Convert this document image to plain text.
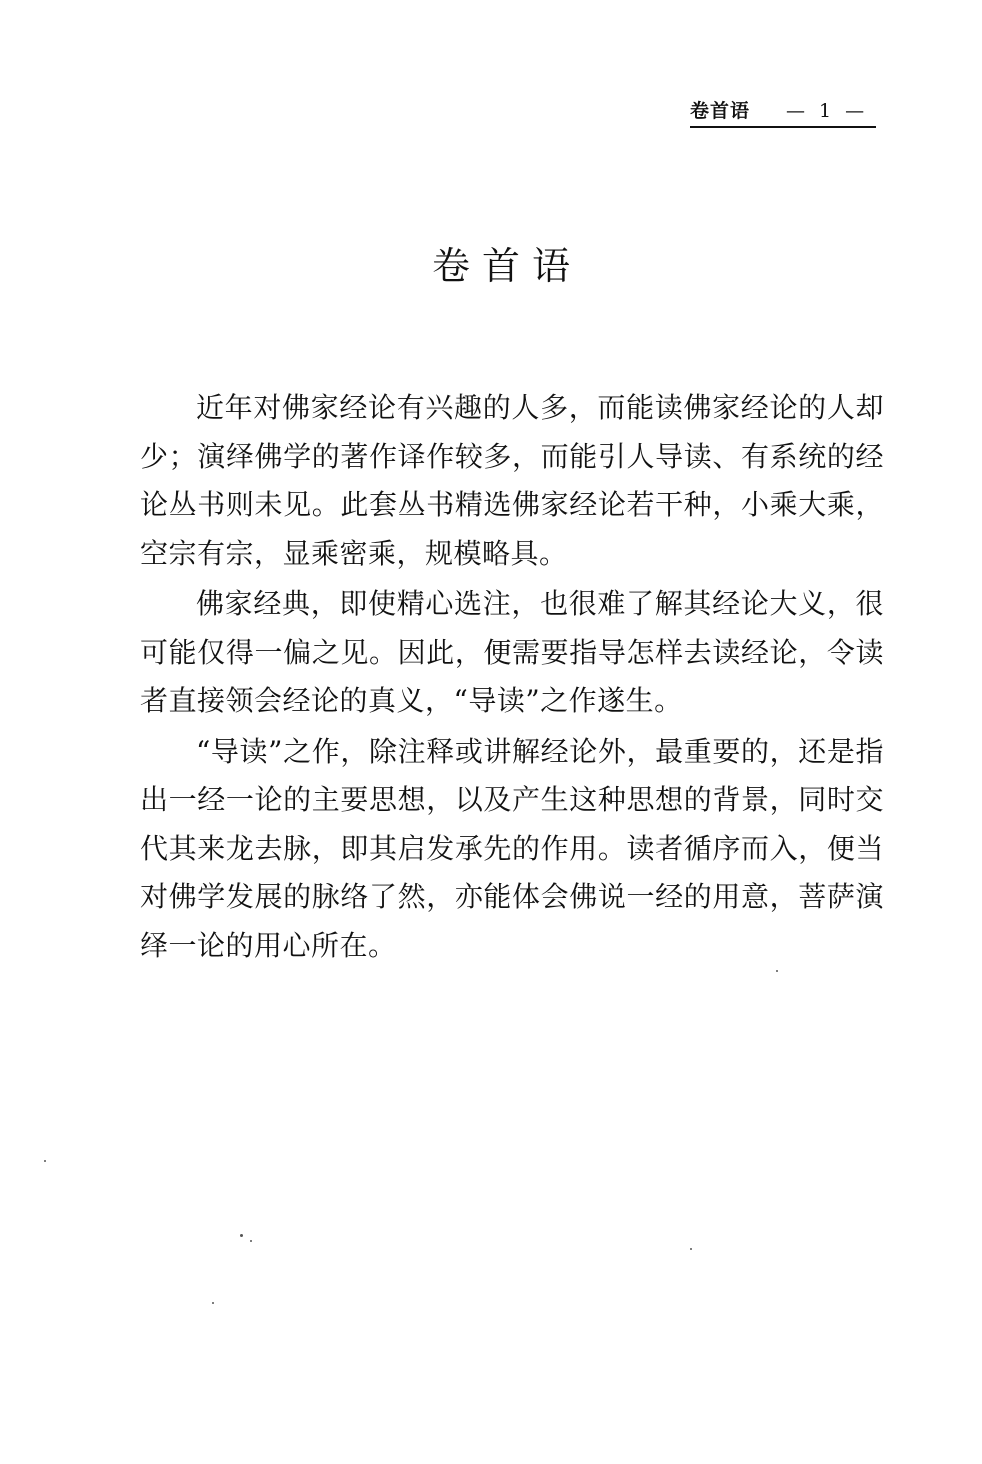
卷首语 — 1 —
卷首语

近年对佛家经论有兴趣的人多，而能读佛家经论的人却少；演绎佛学的著作译作较多，而能引人导读、有系统的经论丛书则未见。此套丛书精选佛家经论若干种，小乘大乘，空宗有宗，显乘密乘，规模略具。

佛家经典，即使精心选注，也很难了解其经论大义，很可能仅得一偏之见。因此，便需要指导怎样去读经论，令读者直接领会经论的真义，“导读”之作遂生。

“导读”之作，除注释或讲解经论外，最重要的，还是指出一经一论的主要思想，以及产生这种思想的背景，同时交代其来龙去脉，即其启发承先的作用。读者循序而入，便当对佛学发展的脉络了然，亦能体会佛说一经的用意，菩萨演绎一论的用心所在。
